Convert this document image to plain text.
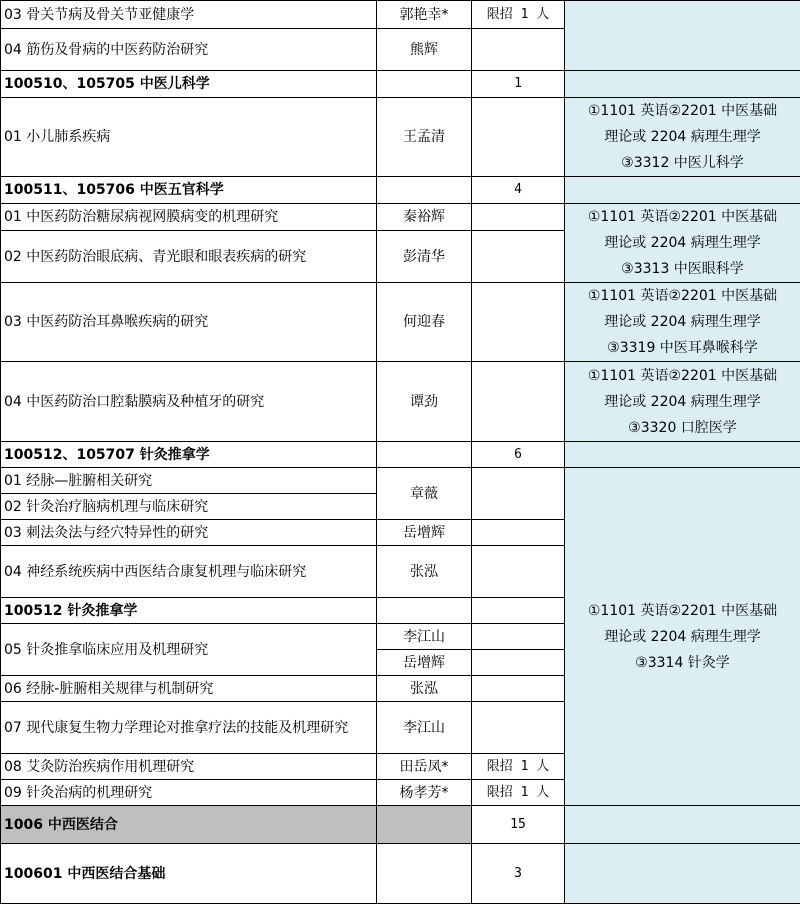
03 骨关节病及骨关节亚健康学	郭艳幸*	限招 1 人	
04 筋伤及骨病的中医药防治研究	熊辉		
100510、105705 中医儿科学		1	
01 小儿肺系疾病	王孟清		①1101 英语②2201 中医基础
理论或 2204 病理生理学
③3312 中医儿科学

100511、105706 中医五官科学		4	
01 中医药防治糖尿病视网膜病变的机理研究	秦裕辉		①1101 英语②2201 中医基础
理论或 2204 病理生理学
③3313 中医眼科学

02 中医药防治眼底病、青光眼和眼表疾病的研究	彭清华		
03 中医药防治耳鼻喉疾病的研究	何迎春		①1101 英语②2201 中医基础
理论或 2204 病理生理学
③3319 中医耳鼻喉科学

04 中医药防治口腔黏膜病及种植牙的研究	谭劲		①1101 英语②2201 中医基础
理论或 2204 病理生理学
③3320 口腔医学

100512、105707 针灸推拿学		6	
01 经脉—脏腑相关研究	章薇		①1101 英语②2201 中医基础
理论或 2204 病理生理学
③3314 针灸学

02 针灸治疗脑病机理与临床研究			
03 刺法灸法与经穴特异性的研究	岳增辉		
04 神经系统疾病中西医结合康复机理与临床研究	张泓		
100512 针灸推拿学			
05 针灸推拿临床应用及机理研究	李江山		
	岳增辉		
06 经脉-脏腑相关规律与机制研究	张泓		
07 现代康复生物力学理论对推拿疗法的技能及机理研究	李江山		
08 艾灸防治疾病作用机理研究	田岳凤*	限招 1 人	
09 针灸治病的机理研究	杨孝芳*	限招 1 人	
1006 中西医结合		15	
100601 中西医结合基础		3	
